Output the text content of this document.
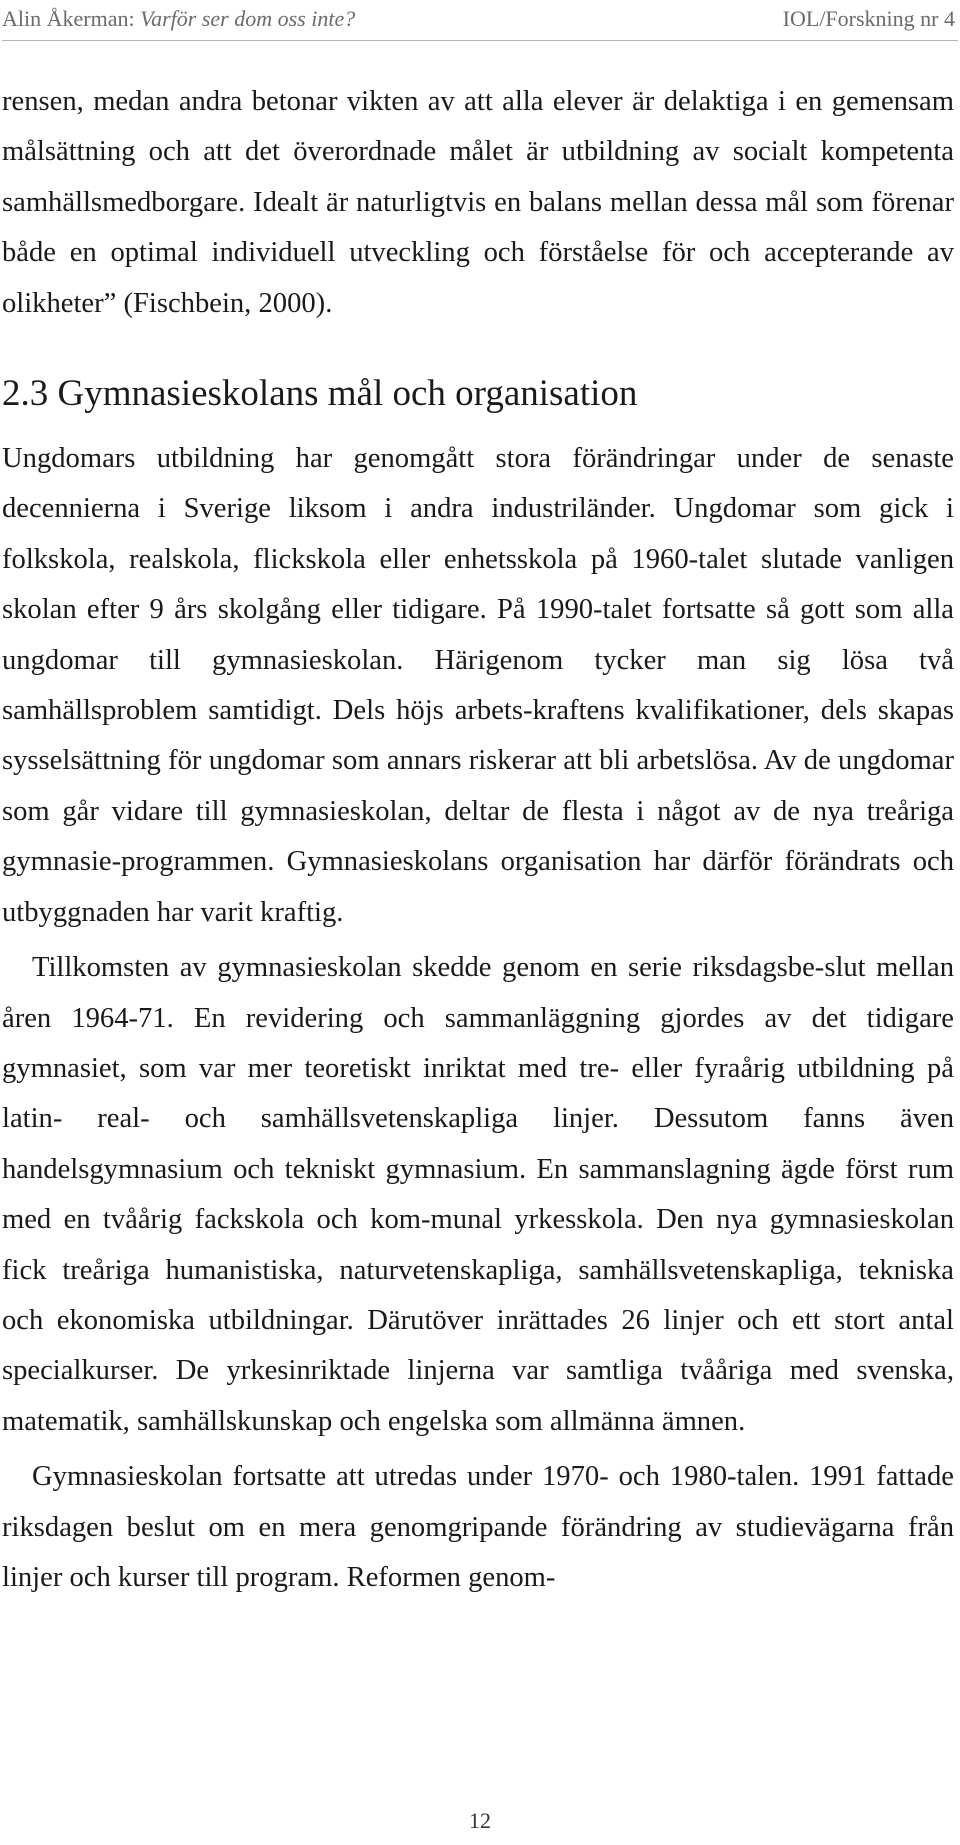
Alin Åkerman: Varför ser dom oss inte?	IOL/Forskning nr 4

rensen, medan andra betonar vikten av att alla elever är delaktiga i en gemensam målsättning och att det överordnade målet är utbildning av socialt kompetenta samhällsmedborgare. Idealt är naturligtvis en balans mellan dessa mål som förenar både en optimal individuell utveckling och förståelse för och accepterande av olikheter” (Fischbein, 2000).

2.3 Gymnasieskolans mål och organisation

Ungdomars utbildning har genomgått stora förändringar under de senaste decennierna i Sverige liksom i andra industriländer. Ungdomar som gick i folkskola, realskola, flickskola eller enhetsskola på 1960-talet slutade vanligen skolan efter 9 års skolgång eller tidigare. På 1990-talet fortsatte så gott som alla ungdomar till gymnasieskolan. Härigenom tycker man sig lösa två samhällsproblem samtidigt. Dels höjs arbets-kraftens kvalifikationer, dels skapas sysselsättning för ungdomar som annars riskerar att bli arbetslösa. Av de ungdomar som går vidare till gymnasieskolan, deltar de flesta i något av de nya treåriga gymnasie-programmen. Gymnasieskolans organisation har därför förändrats och utbyggnaden har varit kraftig.

Tillkomsten av gymnasieskolan skedde genom en serie riksdagsbe-slut mellan åren 1964-71. En revidering och sammanläggning gjordes av det tidigare gymnasiet, som var mer teoretiskt inriktat med tre- eller fyraårig utbildning på latin- real- och samhällsvetenskapliga linjer. Dessutom fanns även handelsgymnasium och tekniskt gymnasium. En sammanslagning ägde först rum med en tvåårig fackskola och kom-munal yrkesskola. Den nya gymnasieskolan fick treåriga humanistiska, naturvetenskapliga, samhällsvetenskapliga, tekniska och ekonomiska utbildningar. Därutöver inrättades 26 linjer och ett stort antal specialkurser. De yrkesinriktade linjerna var samtliga tvååriga med svenska, matematik, samhällskunskap och engelska som allmänna ämnen.

Gymnasieskolan fortsatte att utredas under 1970- och 1980-talen. 1991 fattade riksdagen beslut om en mera genomgripande förändring av studievägarna från linjer och kurser till program. Reformen genom-

12
